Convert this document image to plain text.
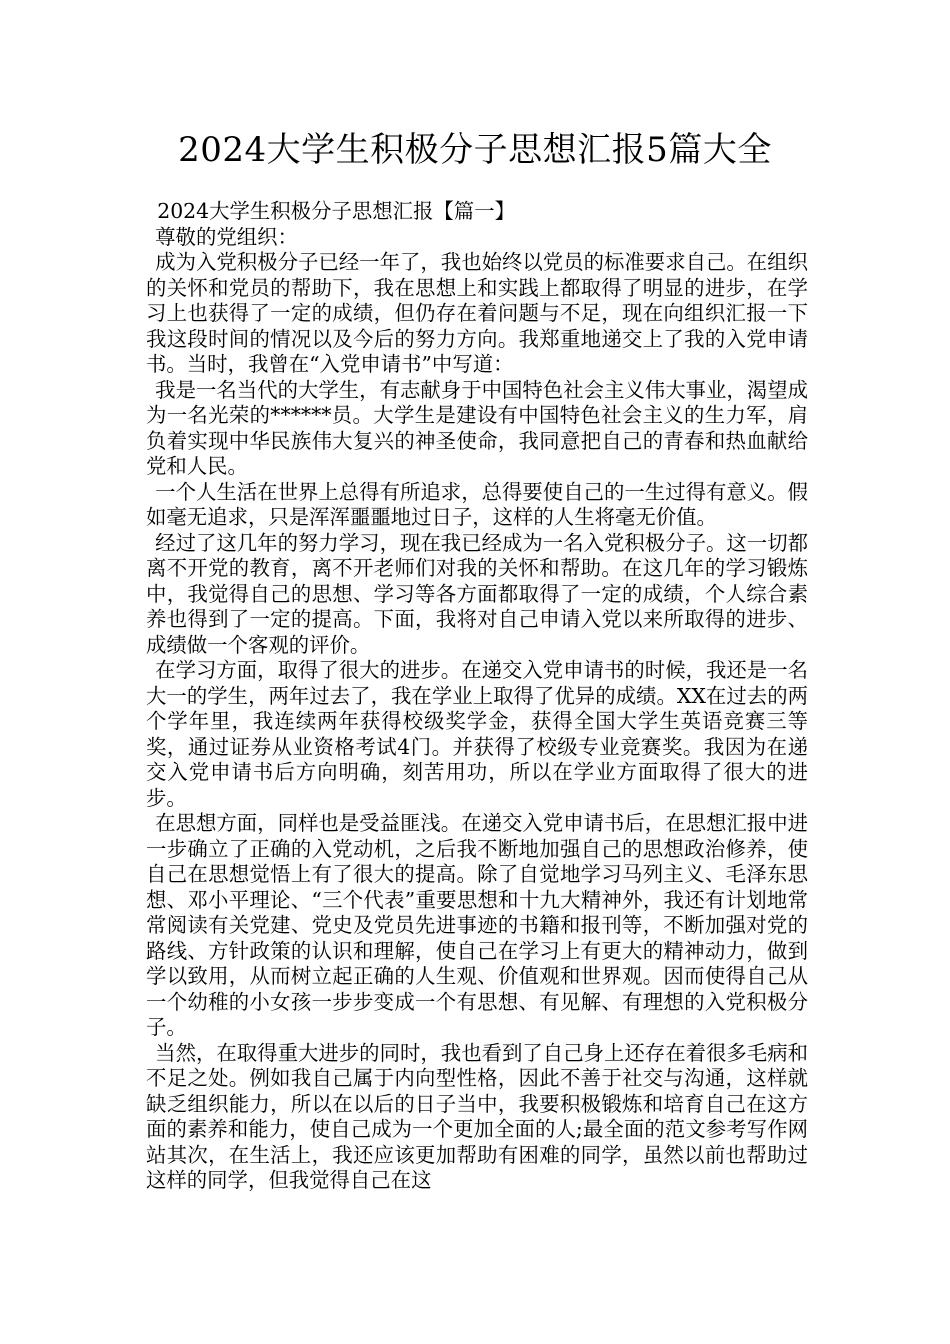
2024大学生积极分子思想汇报5篇大全

2024大学生积极分子思想汇报【篇一】

尊敬的党组织：

成为入党积极分子已经一年了，我也始终以党员的标准要求自己。在组织的关怀和党员的帮助下，我在思想上和实践上都取得了明显的进步，在学习上也获得了一定的成绩，但仍存在着问题与不足，现在向组织汇报一下我这段时间的情况以及今后的努力方向。我郑重地递交上了我的入党申请书。当时，我曾在“入党申请书”中写道：

我是一名当代的大学生，有志献身于中国特色社会主义伟大事业，渴望成为一名光荣的******员。大学生是建设有中国特色社会主义的生力军，肩负着实现中华民族伟大复兴的神圣使命，我同意把自己的青春和热血献给党和人民。

一个人生活在世界上总得有所追求，总得要使自己的一生过得有意义。假如毫无追求，只是浑浑噩噩地过日子，这样的人生将毫无价值。

经过了这几年的努力学习，现在我已经成为一名入党积极分子。这一切都离不开党的教育，离不开老师们对我的关怀和帮助。在这几年的学习锻炼中，我觉得自己的思想、学习等各方面都取得了一定的成绩，个人综合素养也得到了一定的提高。下面，我将对自己申请入党以来所取得的进步、成绩做一个客观的评价。

在学习方面，取得了很大的进步。在递交入党申请书的时候，我还是一名大一的学生，两年过去了，我在学业上取得了优异的成绩。XX在过去的两个学年里，我连续两年获得校级奖学金，获得全国大学生英语竞赛三等奖，通过证券从业资格考试4门。并获得了校级专业竞赛奖。我因为在递交入党申请书后方向明确，刻苦用功，所以在学业方面取得了很大的进步。

在思想方面，同样也是受益匪浅。在递交入党申请书后，在思想汇报中进一步确立了正确的入党动机，之后我不断地加强自己的思想政治修养，使自己在思想觉悟上有了很大的提高。除了自觉地学习马列主义、毛泽东思想、邓小平理论、“三个代表”重要思想和十九大精神外，我还有计划地常常阅读有关党建、党史及党员先进事迹的书籍和报刊等，不断加强对党的路线、方针政策的认识和理解，使自己在学习上有更大的精神动力，做到学以致用，从而树立起正确的人生观、价值观和世界观。因而使得自己从一个幼稚的小女孩一步步变成一个有思想、有见解、有理想的入党积极分子。

当然，在取得重大进步的同时，我也看到了自己身上还存在着很多毛病和不足之处。例如我自己属于内向型性格，因此不善于社交与沟通，这样就缺乏组织能力，所以在以后的日子当中，我要积极锻炼和培育自己在这方面的素养和能力，使自己成为一个更加全面的人;最全面的范文参考写作网站其次，在生活上，我还应该更加帮助有困难的同学，虽然以前也帮助过这样的同学，但我觉得自己在这
